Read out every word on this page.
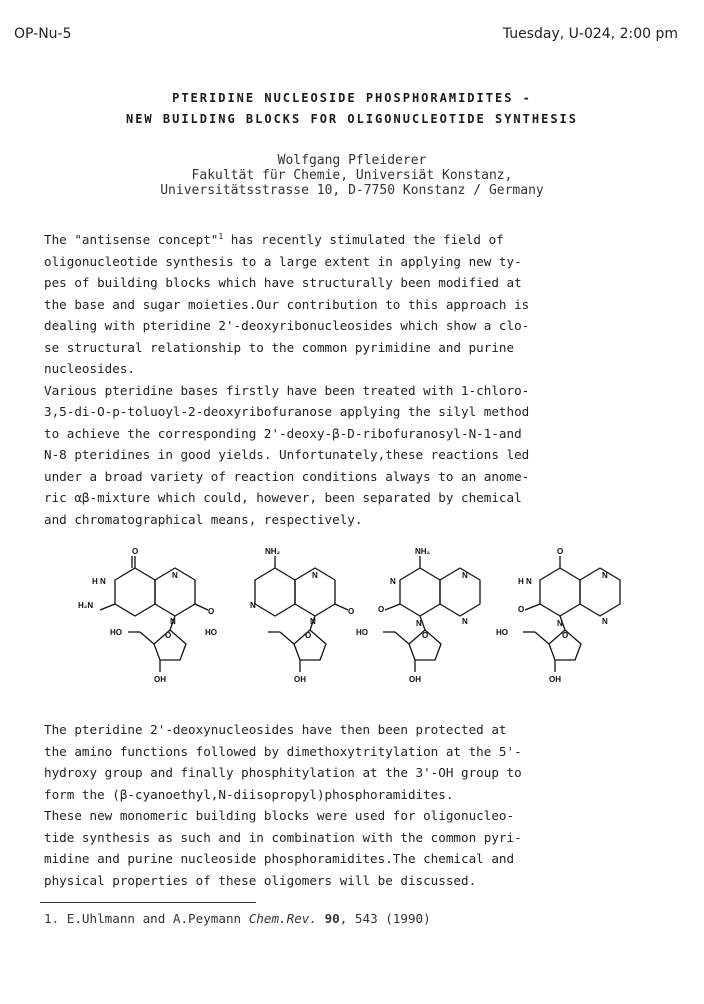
OP-Nu-5	Tuesday, U-024, 2:00 pm
PTERIDINE NUCLEOSIDE PHOSPHORAMIDITES -
NEW BUILDING BLOCKS FOR OLIGONUCLEOTIDE SYNTHESIS
Wolfgang Pfleiderer
Fakultät für Chemie, Universiät Konstanz,
Universitätsstrasse 10, D-7750 Konstanz / Germany
The "antisense concept"$^1$ has recently stimulated the field of
oligonucleotide synthesis to a large extent in applying new ty-
pes of building blocks which have structurally been modified at
the base and sugar moieties.Our contribution to this approach is
dealing with pteridine 2'-deoxyribonucleosides which show a clo-
se structural relationship to the common pyrimidine and purine
nucleosides.
Various pteridine bases firstly have been treated with 1-chloro-
3,5-di-O-p-toluoyl-2-deoxyribofuranose applying the silyl method
to achieve the corresponding 2'-deoxy-β-D-ribofuranosyl-N-1-and
N-8 pteridines in good yields. Unfortunately,these reactions led
under a broad variety of reaction conditions always to an anome-
ric αβ-mixture which could, however, been separated by chemical
and chromatographical means, respectively.
O
H N
H₂N
N
N
O
O
HO
OH
NH₂
N
N
N
O
O
HO
OH
NH₂
N
O
N
N
N
O
HO
OH
O
H N
O
N
N
N
O
HO
OH
The pteridine 2'-deoxynucleosides have then been protected at
the amino functions followed by dimethoxytritylation at the 5'-
hydroxy group and finally phosphitylation at the 3'-OH group to
form the (β-cyanoethyl,N-diisopropyl)phosphoramidites.
These new monomeric building blocks were used for oligonucleo-
tide synthesis as such and in combination with the common pyri-
midine and purine nucleoside phosphoramidites.The chemical and
physical properties of these oligomers will be discussed.
1. E.Uhlmann and A.Peymann Chem.Rev. 90, 543 (1990)
